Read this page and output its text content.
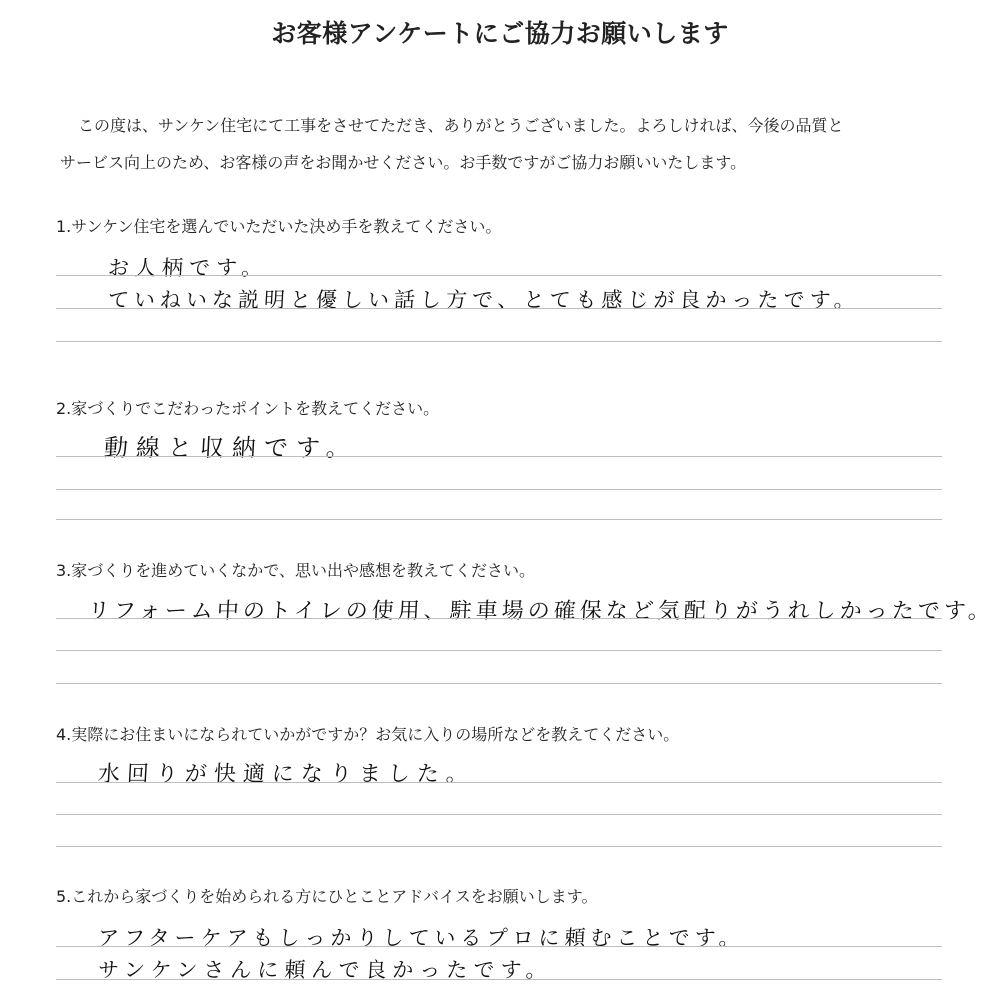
お客様アンケートにご協力お願いします
この度は、サンケン住宅にて工事をさせてただき、ありがとうございました。よろしければ、今後の品質と
サービス向上のため、お客様の声をお聞かせください。お手数ですがご協力お願いいたします。
1.サンケン住宅を選んでいただいた決め手を教えてください。
お人柄です。
ていねいな説明と優しい話し方で、とても感じが良かったです。
2.家づくりでこだわったポイントを教えてください。
動線と収納です。
3.家づくりを進めていくなかで、思い出や感想を教えてください。
リフォーム中のトイレの使用、駐車場の確保など気配りがうれしかったです。
4.実際にお住まいになられていかがですか？お気に入りの場所などを教えてください。
水回りが快適になりました。
5.これから家づくりを始められる方にひとことアドバイスをお願いします。
アフターケアもしっかりしているプロに頼むことです。
サンケンさんに頼んで良かったです。
